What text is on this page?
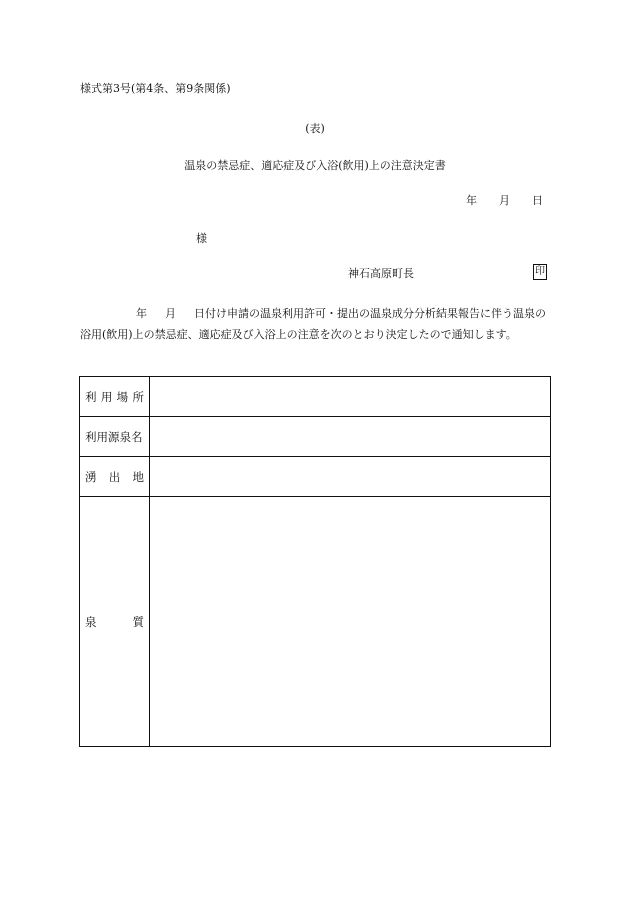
様式第3号(第4条、第9条関係)
(表)
温泉の禁忌症、適応症及び入浴(飲用)上の注意決定書
年 月 日
様
神石高原町長	印
年 月 日付け申請の温泉利用許可・提出の温泉成分分析結果報告に伴う温泉の浴用(飲用)上の禁忌症、適応症及び入浴上の注意を次のとおり決定したので通知します。
利 用 場 所	

利用源泉名	

湧 出 地	

泉 質	
